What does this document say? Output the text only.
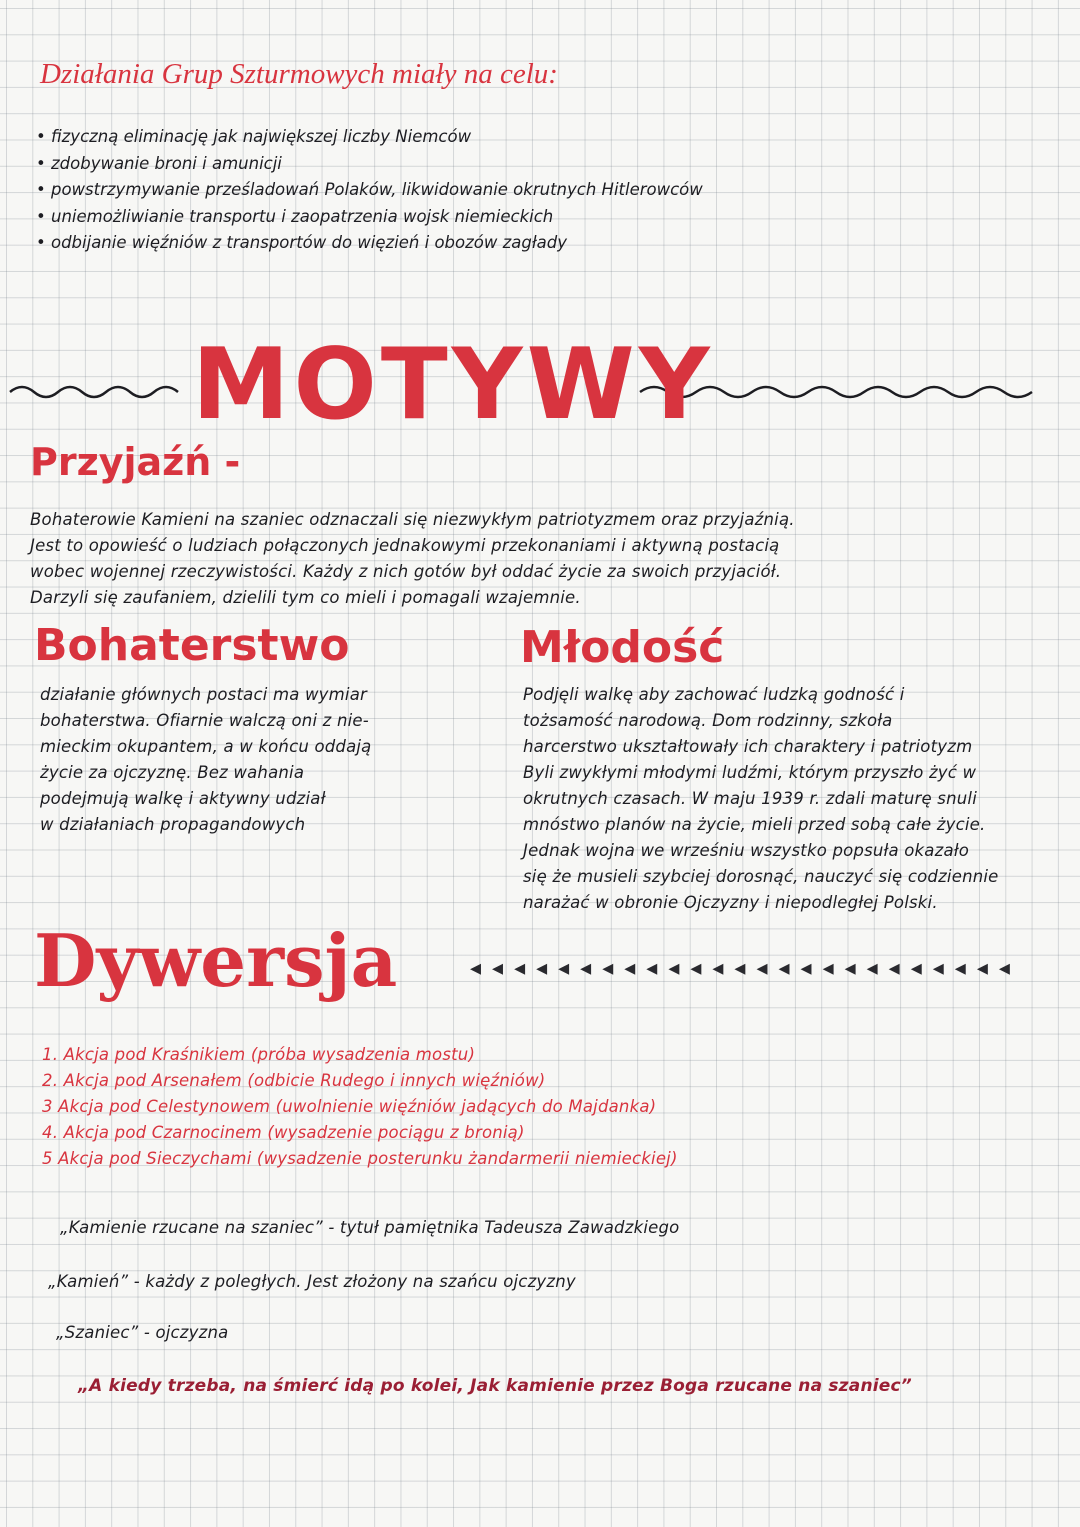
Działania Grup Szturmowych miały na celu:
• fizyczną eliminację jak największej liczby Niemców
• zdobywanie broni i amunicji
• powstrzymywanie prześladowań Polaków, likwidowanie okrutnych Hitlerowców
• uniemożliwianie transportu i zaopatrzenia wojsk niemieckich
• odbijanie więźniów z transportów do więzień i obozów zagłady
MOTYWY
Przyjaźń -
Bohaterowie Kamieni na szaniec odznaczali się niezwykłym patriotyzmem oraz przyjaźnią.
Jest to opowieść o ludziach połączonych jednakowymi przekonaniami i aktywną postacią
wobec wojennej rzeczywistości. Każdy z nich gotów był oddać życie za swoich przyjaciół.
Darzyli się zaufaniem, dzielili tym co mieli i pomagali wzajemnie.
Bohaterstwo
działanie głównych postaci ma wymiar
bohaterstwa. Ofiarnie walczą oni z nie-
mieckim okupantem, a w końcu oddają
życie za ojczyznę. Bez wahania
podejmują walkę i aktywny udział
w działaniach propagandowych
Młodość
Podjęli walkę aby zachować ludzką godność i
tożsamość narodową. Dom rodzinny, szkoła
harcerstwo ukształtowały ich charaktery i patriotyzm
Byli zwykłymi młodymi ludźmi, którym przyszło żyć w
okrutnych czasach. W maju 1939 r. zdali maturę snuli
mnóstwo planów na życie, mieli przed sobą całe życie.
Jednak wojna we wrześniu wszystko popsuła okazało
się że musieli szybciej dorosnąć, nauczyć się codziennie
narażać w obronie Ojczyzny i niepodległej Polski.
Dywersja	◂ ◂ ◂ ◂ ◂ ◂ ◂ ◂ ◂ ◂ ◂ ◂ ◂ ◂ ◂ ◂ ◂ ◂ ◂ ◂ ◂ ◂ ◂ ◂ ◂
1. Akcja pod Kraśnikiem (próba wysadzenia mostu)
2. Akcja pod Arsenałem (odbicie Rudego i innych więźniów)
3 Akcja pod Celestynowem (uwolnienie więźniów jadących do Majdanka)
4. Akcja pod Czarnocinem (wysadzenie pociągu z bronią)
5 Akcja pod Sieczychami (wysadzenie posterunku żandarmerii niemieckiej)
„Kamienie rzucane na szaniec” - tytuł pamiętnika Tadeusza Zawadzkiego
„Kamień” - każdy z poległych. Jest złożony na szańcu ojczyzny
„Szaniec” - ojczyzna
„A kiedy trzeba, na śmierć idą po kolei, Jak kamienie przez Boga rzucane na szaniec”
